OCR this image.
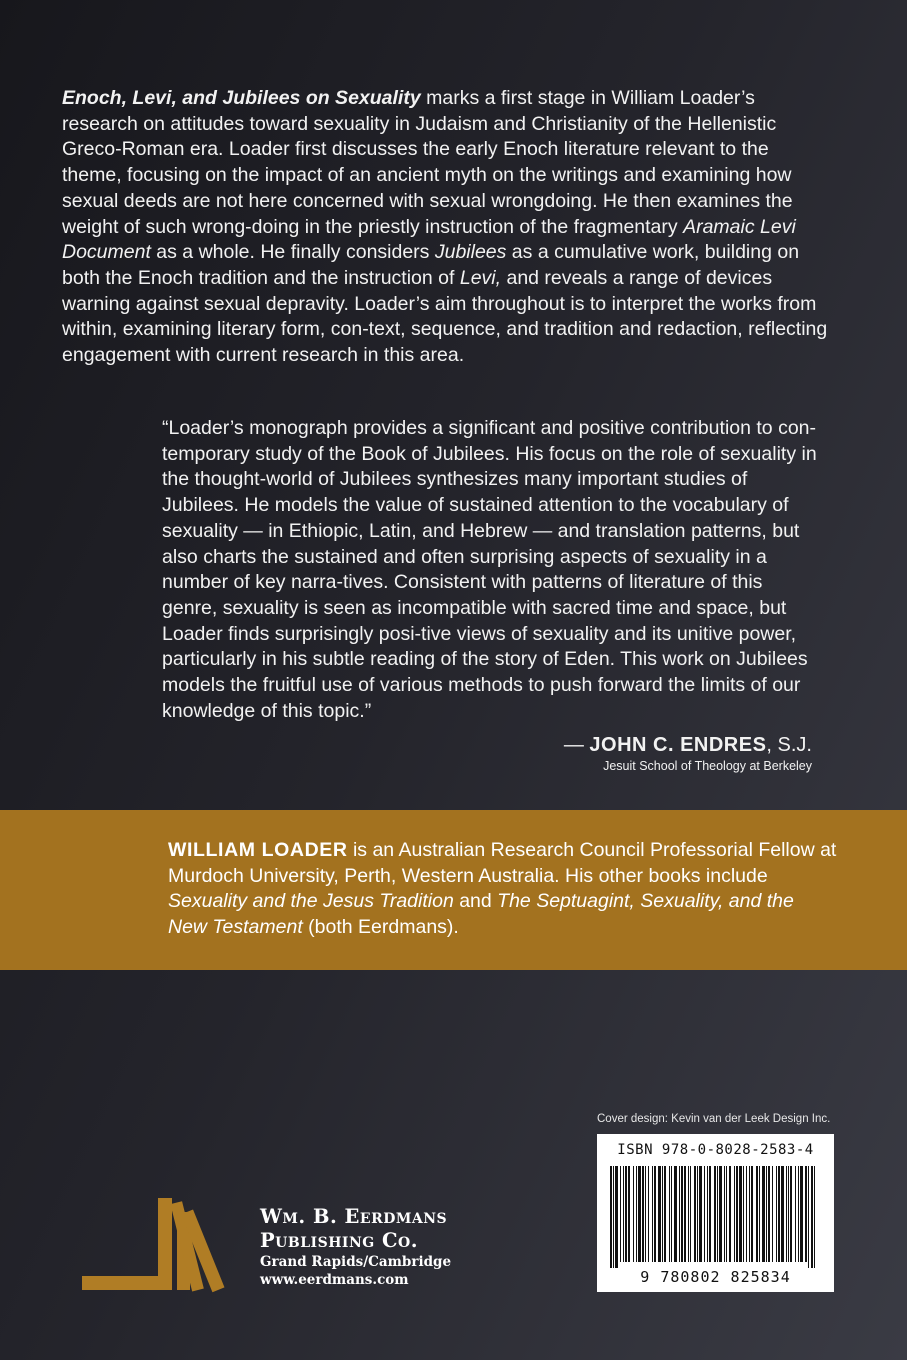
Enoch, Levi, and Jubilees on Sexuality marks a first stage in William Loader’s research on attitudes toward sexuality in Judaism and Christianity of the Hellenistic Greco-Roman era. Loader first discusses the early Enoch literature relevant to the theme, focusing on the impact of an ancient myth on the writings and examining how sexual deeds are not here concerned with sexual wrongdoing. He then examines the weight of such wrong-doing in the priestly instruction of the fragmentary Aramaic Levi Document as a whole. He finally considers Jubilees as a cumulative work, building on both the Enoch tradition and the instruction of Levi, and reveals a range of devices warning against sexual depravity. Loader’s aim throughout is to interpret the works from within, examining literary form, con-text, sequence, and tradition and redaction, reflecting engagement with current research in this area.

“Loader’s monograph provides a significant and positive contribution to con-temporary study of the Book of Jubilees. His focus on the role of sexuality in the thought-world of Jubilees synthesizes many important studies of Jubilees. He models the value of sustained attention to the vocabulary of sexuality — in Ethiopic, Latin, and Hebrew — and translation patterns, but also charts the sustained and often surprising aspects of sexuality in a number of key narra-tives. Consistent with patterns of literature of this genre, sexuality is seen as incompatible with sacred time and space, but Loader finds surprisingly posi-tive views of sexuality and its unitive power, particularly in his subtle reading of the story of Eden. This work on Jubilees models the fruitful use of various methods to push forward the limits of our knowledge of this topic.”

— JOHN C. ENDRES, S.J.
Jesuit School of Theology at Berkeley

WILLIAM LOADER is an Australian Research Council Professorial Fellow at Murdoch University, Perth, Western Australia. His other books include Sexuality and the Jesus Tradition and The Septuagint, Sexuality, and the New Testament (both Eerdmans).

Cover design: Kevin van der Leek Design Inc.
ISBN 978-0-8028-2583-4
9 780802 825834
Wm. B. Eerdmans
Publishing Co.
Grand Rapids/Cambridge
www.eerdmans.com
